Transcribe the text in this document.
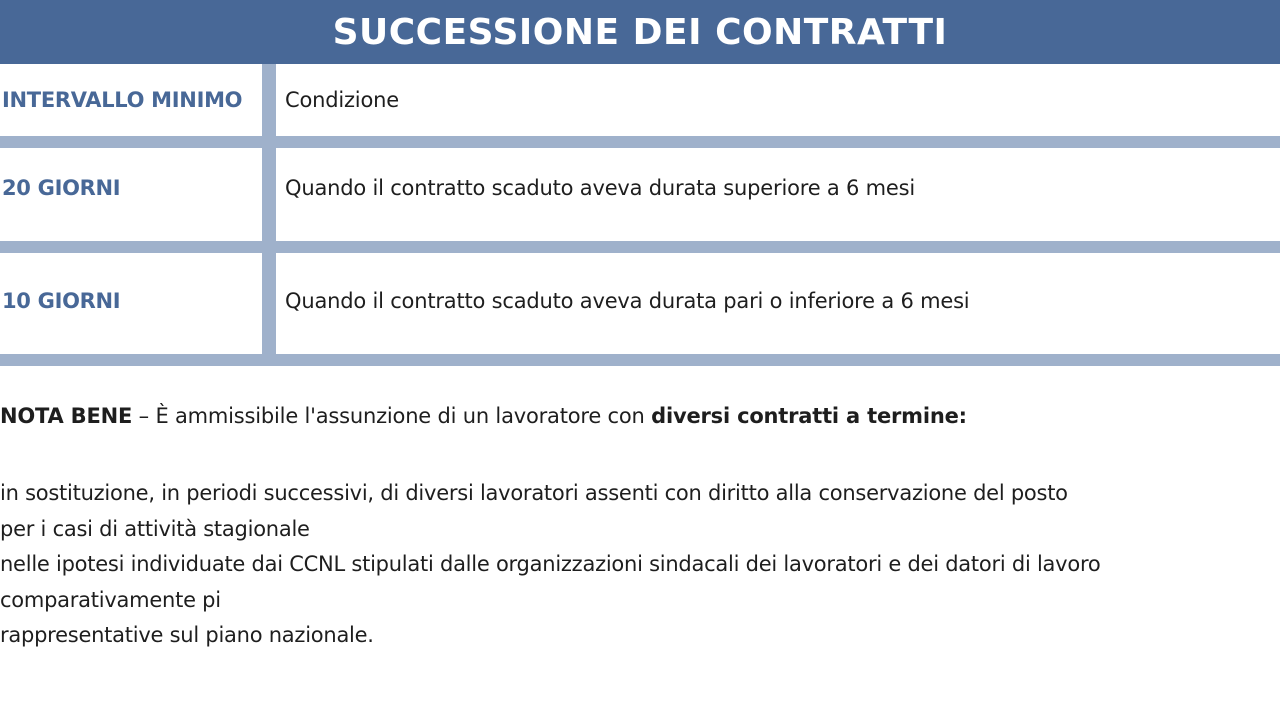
SUCCESSIONE DEI CONTRATTI
INTERVALLO MINIMO	Condizione
20 GIORNI	Quando il contratto scaduto aveva durata superiore a 6 mesi
10 GIORNI	Quando il contratto scaduto aveva durata pari o inferiore a 6 mesi
NOTA BENE – È ammissibile l'assunzione di un lavoratore con diversi contratti a termine:
in sostituzione, in periodi successivi, di diversi lavoratori assenti con diritto alla conservazione del posto
per i casi di attività stagionale
nelle ipotesi individuate dai CCNL stipulati dalle organizzazioni sindacali dei lavoratori e dei datori di lavoro
comparativamente pi
rappresentative sul piano nazionale.
